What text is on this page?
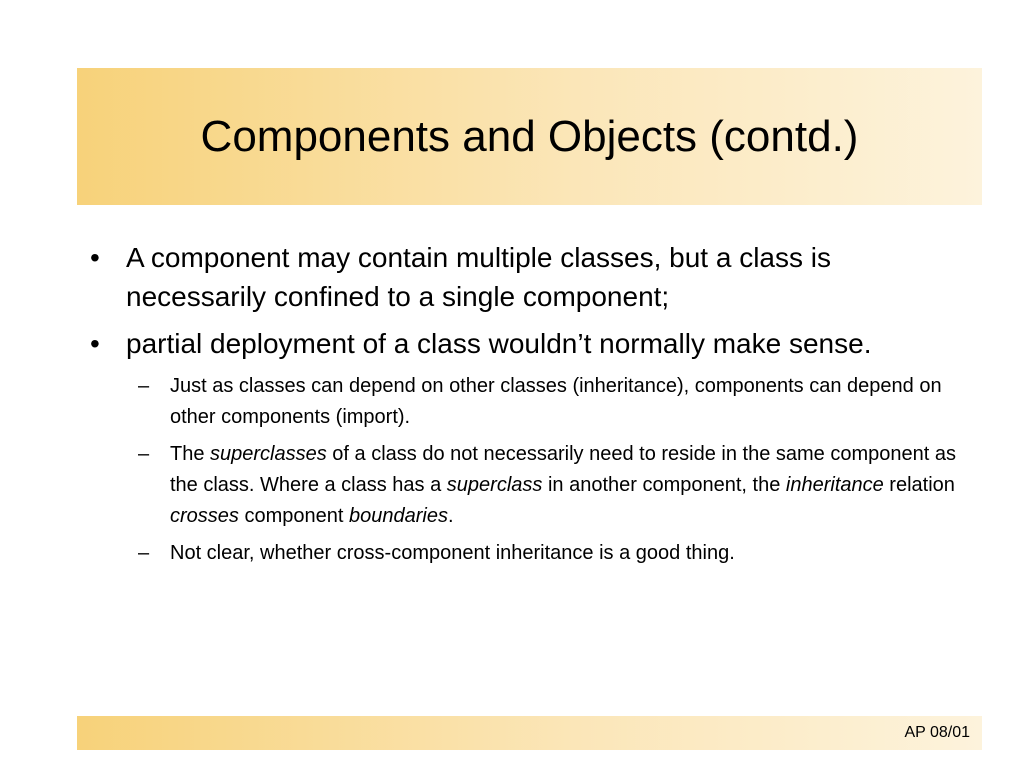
Components and Objects (contd.)
• A component may contain multiple classes, but a class is necessarily confined to a single component;
• partial deployment of a class wouldn’t normally make sense.
– Just as classes can depend on other classes (inheritance), components can depend on other components (import).
– The superclasses of a class do not necessarily need to reside in the same component as the class. Where a class has a superclass in another component, the inheritance relation crosses component boundaries.
– Not clear, whether cross-component inheritance is a good thing.
AP 08/01
